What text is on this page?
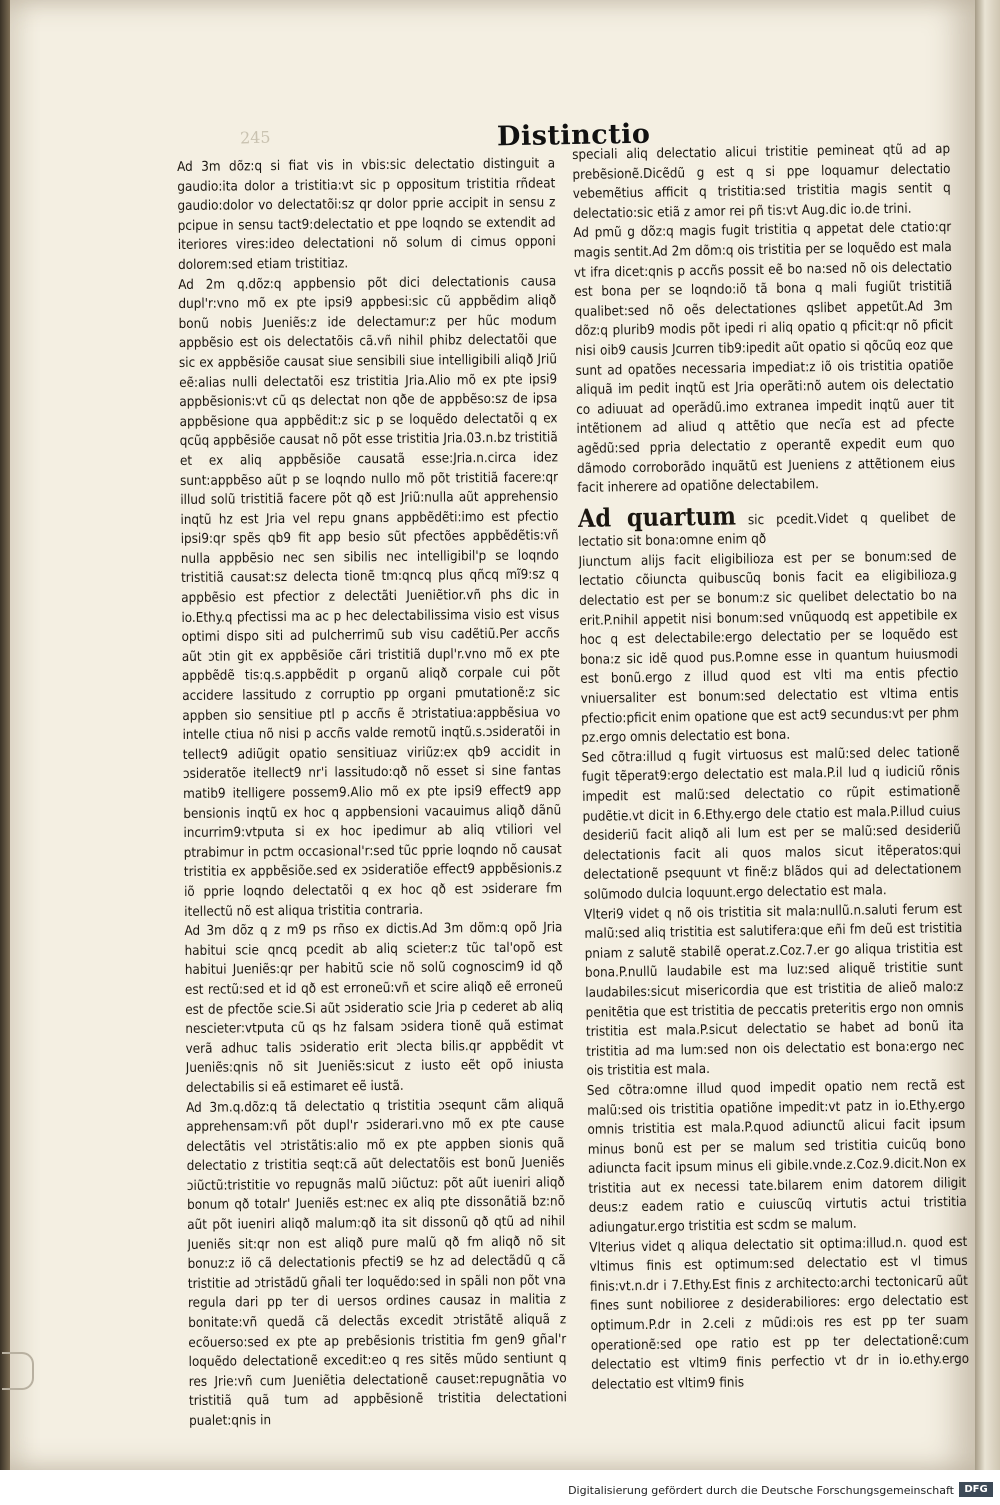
245	Distinctio

Ad 3m dõz:q si fiat vis in vbis:sic delectatio distinguit a gaudio:ita dolor a tristitia:vt sic p oppositum tristitia rñdeat gaudio:dolor vo delectatõi:sz qr dolor pprie accipit in sensu z pcipue in sensu tact9:delectatio et ppe loqndo se extendit ad iteriores vires:ideo delectationi nõ solum di cimus opponi dolorem:sed etiam tristitiaz.

Ad 2m q.dõz:q appbensio põt dici delectationis causa dupl'r:vno mõ ex pte ipsi9 appbesi:sic cũ appbẽdim aliqð bonũ nobis Jueniẽs:z ide delectamur:z per hũc modum appbẽsio est ois delectatõis cã.vñ nihil phibz delectatõi que sic ex appbẽsiõe causat siue sensibili siue intelligibili aliqð Jriũ eẽ:alias nulli delectatõi esz tristitia Jria.Alio mõ ex pte ipsi9 appbẽsionis:vt cũ qs delectat non qðe de appbẽso:sz de ipsa appbẽsione qua appbẽdit:z sic p se loquẽdo delectatõi q ex qcũq appbẽsiõe causat nõ põt esse tristitia Jria.03.n.bz tristitiã et ex aliq appbẽsiõe causatã esse:Jria.n.circa idez sunt:appbẽso aũt p se loqndo nullo mõ põt tristitiã facere:qr illud solũ tristitiã facere põt qð est Jriũ:nulla aũt apprehensio inqtũ hz est Jria vel repu gnans appbẽdẽti:imo est pfectio ipsi9:qr spẽs qb9 fit app besio sũt pfectões appbẽdẽtis:vñ nulla appbẽsio nec sen sibilis nec intelligibil'p se loqndo tristitiã causat:sz delecta tionẽ tm:qncq plus qñcq mĩ9:sz q appbẽsio est pfectior z delectãti Jueniẽtior.vñ phs dic in io.Ethy.q pfectissi ma ac p hec delectabilissima visio est visus optimi dispo siti ad pulcherrimũ sub visu cadẽtiũ.Per accñs aũt ɔtin git ex appbẽsiõe cãri tristitiã dupl'r.vno mõ ex pte appbẽdẽ tis:q.s.appbẽdit p organũ aliqð corpale cui põt accidere lassitudo z corruptio pp organi pmutationẽ:z sic appben sio sensitiue ptl p accñs ẽ ɔtristatiua:appbẽsiua vo intelle ctiua nõ nisi p accñs valde remotũ inqtũ.s.ɔsideratõi in tellect9 adiũgit opatio sensitiuaz viriũz:ex qb9 accidit in ɔsideratõe itellect9 nr'i lassitudo:qð nõ esset si sine fantas matib9 itelligere possem9.Alio mõ ex pte ipsi9 effect9 app bensionis inqtũ ex hoc q appbensioni vacauimus aliqð dãnũ incurrim9:vtputa si ex hoc ipedimur ab aliq vtiliori vel ptrabimur in pctm occasional'r:sed tũc pprie loqndo nõ causat tristitia ex appbẽsiõe.sed ex ɔsideratiõe effect9 appbẽsionis.z iõ pprie loqndo delectatõi q ex hoc qð est ɔsiderare fm itellectũ nõ est aliqua tristitia contraria.

Ad 3m dõz q z m9 ps rñso ex dictis.Ad 3m dõm:q opõ Jria habitui scie qncq pcedit ab aliq scieter:z tũc tal'opõ est habitui Jueniẽs:qr per habitũ scie nõ solũ cognoscim9 id qð est rectũ:sed et id qð est erroneũ:vñ et scire aliqð eẽ erroneũ est de pfectõe scie.Si aũt ɔsideratio scie Jria p cederet ab aliq nescieter:vtputa cũ qs hz falsam ɔsidera tionẽ quã estimat verã adhuc talis ɔsideratio erit ɔlecta bilis.qr appbẽdit vt Jueniẽs:qnis nõ sit Jueniẽs:sicut z iusto eẽt opõ iniusta delectabilis si eã estimaret eẽ iustã.

Ad 3m.q.dõz:q tã delectatio q tristitia ɔsequnt cãm aliquã apprehensam:vñ põt dupl'r ɔsiderari.vno mõ ex pte cause delectãtis vel ɔtristãtis:alio mõ ex pte appben sionis quã delectatio z tristitia seqt:cã aũt delectatõis est bonũ Jueniẽs ɔiũctũ:tristitie vo repugnãs malũ ɔiũctuz: põt aũt iueniri aliqð bonum qð totalr' Jueniẽs est:nec ex aliq pte dissonãtiã bz:nõ aũt põt iueniri aliqð malum:qð ita sit dissonũ qð qtũ ad nihil Jueniẽs sit:qr non est aliqð pure malũ qð fm aliqð nõ sit bonuz:z iõ cã delectationis pfecti9 se hz ad delectãdũ q cã tristitie ad ɔtristãdũ gñali ter loquẽdo:sed in spãli non põt vna regula dari pp ter di uersos ordines causaz in malitia z bonitate:vñ quedã cã delectãs excedit ɔtristãtẽ aliquã z ecõuerso:sed ex pte ap prebẽsionis tristitia fm gen9 gñal'r loquẽdo delectationẽ excedit:eo q res sitẽs mũdo sentiunt q res Jrie:vñ cum Jueniẽtia delectationẽ causet:repugnãtia vo tristitiã quã tum ad appbẽsionẽ tristitia delectationi pualet:qnis in

speciali aliq delectatio alicui tristitie pemineat qtũ ad ap prebẽsionẽ.Dicẽdũ g est q si ppe loquamur delectatio vebemẽtius afficit q tristitia:sed tristitia magis sentit q delectatio:sic etiã z amor rei pñ tis:vt Aug.dic io.de trini.

Ad pmũ g dõz:q magis fugit tristitia q appetat dele ctatio:qr magis sentit.Ad 2m dõm:q ois tristitia per se loquẽdo est mala vt ifra dicet:qnis p accñs possit eẽ bo na:sed nõ ois delectatio est bona per se loqndo:iõ tã bona q mali fugiũt tristitiã qualibet:sed nõ oẽs delectationes qslibet appetũt.Ad 3m dõz:q plurib9 modis põt ipedi ri aliq opatio q pficit:qr nõ pficit nisi oib9 causis Jcurren tib9:ipedit aũt opatio si qõcũq eoz que sunt ad opatões necessaria impediat:z iõ ois tristitia opatiõe aliquã im pedit inqtũ est Jria operãti:nõ autem ois delectatio co adiuuat ad operãdũ.imo extranea impedit inqtũ auer tit intẽtionem ad aliud q attẽtio que necĩa est ad pfecte agẽdũ:sed ppria delectatio z operantẽ expedit eum quo dãmodo corroborãdo inquãtũ est Jueniens z attẽtionem eius facit inherere ad opatiõne delectabilem.

Ad quartum sic pcedit.Videt q quelibet de lectatio sit bona:omne enim qð

Jiunctum alijs facit eligibilioza est per se bonum:sed de lectatio cõiuncta quibuscũq bonis facit ea eligibilioza.g delectatio est per se bonum:z sic quelibet delectatio bo na erit.P.nihil appetit nisi bonum:sed vnũquodq est appetibile ex hoc q est delectabile:ergo delectatio per se loquẽdo est bona:z sic idẽ quod pus.P.omne esse in quantum huiusmodi est bonũ.ergo z illud quod est vlti ma entis pfectio vniuersaliter est bonum:sed delectatio est vltima entis pfectio:pficit enim opatione que est act9 secundus:vt per phm pz.ergo omnis delectatio est bona.

Sed cõtra:illud q fugit virtuosus est malũ:sed delec tationẽ fugit tẽperat9:ergo delectatio est mala.P.il lud q iudiciũ rõnis impedit est malũ:sed delectatio co rũpit estimationẽ pudẽtie.vt dicit in 6.Ethy.ergo dele ctatio est mala.P.illud cuius desideriũ facit aliqð ali lum est per se malũ:sed desideriũ delectationis facit ali quos malos sicut itẽperatos:qui delectationẽ psequunt vt finẽ:z blãdos qui ad delectationem solũmodo dulcia loquunt.ergo delectatio est mala.

Vlteri9 videt q nõ ois tristitia sit mala:nullũ.n.saluti ferum est malũ:sed aliq tristitia est salutifera:que eñi fm deũ est tristitia pniam z salutẽ stabilẽ operat.z.Coz.7.er go aliqua tristitia est bona.P.nullũ laudabile est ma luz:sed aliquẽ tristitie sunt laudabiles:sicut misericordia que est tristitia de alieõ malo:z penitẽtia que est tristitia de peccatis preteritis ergo non omnis tristitia est mala.P.sicut delectatio se habet ad bonũ ita tristitia ad ma lum:sed non ois delectatio est bona:ergo nec ois tristitia est mala.

Sed cõtra:omne illud quod impedit opatio nem rectã est malũ:sed ois tristitia opatiõne impedit:vt patz in io.Ethy.ergo omnis tristitia est mala.P.quod adiunctũ alicui facit ipsum minus bonũ est per se malum sed tristitia cuicũq bono adiuncta facit ipsum minus eli gibile.vnde.z.Coz.9.dicit.Non ex tristitia aut ex necessi tate.bilarem enim datorem diligit deus:z eadem ratio e cuiuscũq virtutis actui tristitia adiungatur.ergo tristitia est scdm se malum.

Vlterius videt q aliqua delectatio sit optima:illud.n. quod est vltimus finis est optimum:sed delectatio est vl timus finis:vt.n.dr i 7.Ethy.Est finis z architecto:archi tectonicarũ aũt fines sunt nobilioree z desiderabiliores: ergo delectatio est optimum.P.dr in 2.celi z mũdi:ois res est pp ter suam operationẽ:sed ope ratio est pp ter delectationẽ:cum delectatio est vltim9 finis perfectio vt dr in io.ethy.ergo delectatio est vltim9 finis

Digitalisierung gefördert durch die Deutsche Forschungsgemeinschaft	DFG
